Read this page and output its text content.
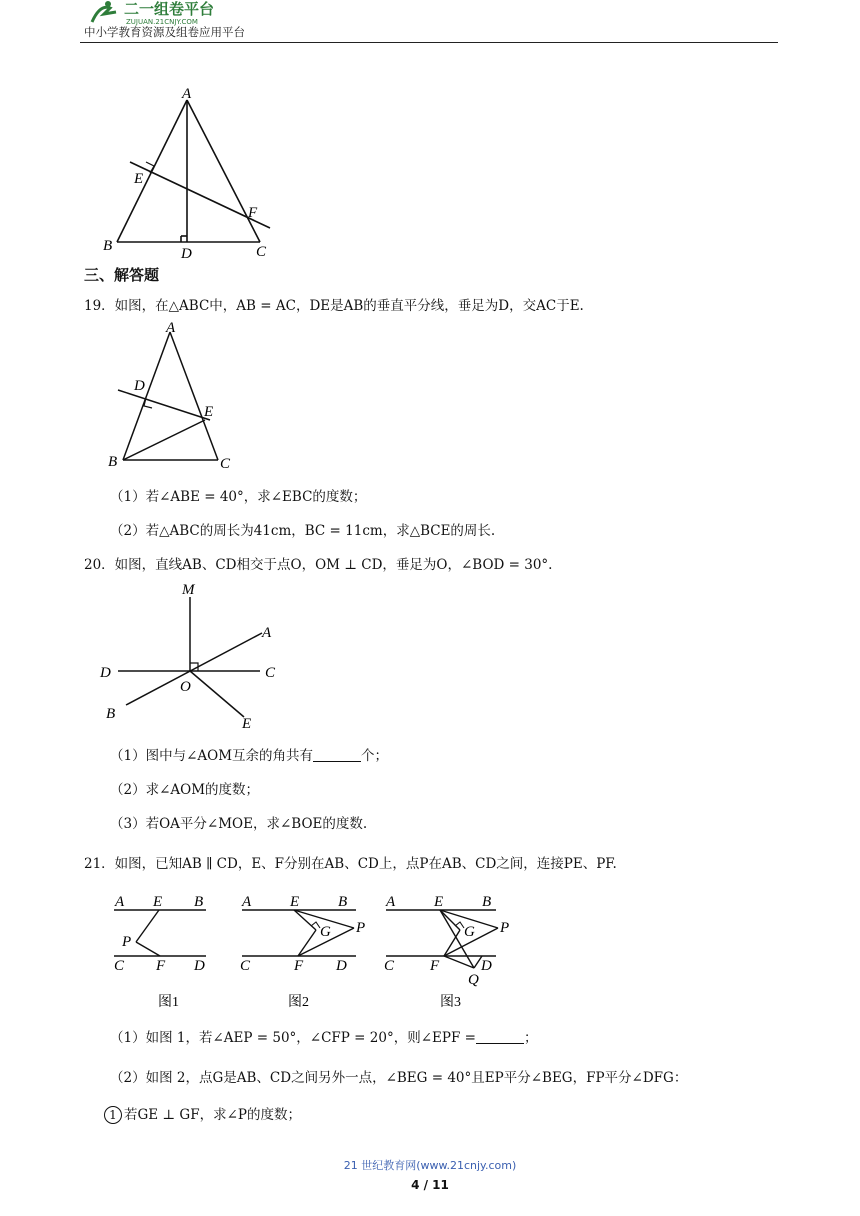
二一组卷平台
ZUJUAN.21CNJY.COM
中小学教育资源及组卷应用平台
A
E
F
B	D	C
三、解答题
19．如图，在△ABC中，AB = AC，DE是AB的垂直平分线，垂足为D，交AC于E.
A
D
E
B	C
（1）若∠ABE = 40°，求∠EBC的度数；
（2）若△ABC的周长为41cm，BC = 11cm，求△BCE的周长.
20．如图，直线AB、CD相交于点O，OM ⊥ CD，垂足为O，∠BOD = 30°.
M
A
D	C
O
B
E
（1）图中与∠AOM互余的角共有	个；
（2）求∠AOM的度数；
（3）若OA平分∠MOE，求∠BOE的度数.
21．如图，已知AB ∥ CD，E、F分别在AB、CD上，点P在AB、CD之间，连接PE、PF.
A E B
P
C F D
图1
A	E	B
G P
C	F D
图2
A	E	B
G P
C F	D
Q
图3
（1）如图 1，若∠AEP = 50°，∠CFP = 20°，则∠EPF =	；
（2）如图 2，点G是AB、CD之间另外一点，∠BEG = 40°且EP平分∠BEG，FP平分∠DFG：
1 若GE ⊥ GF，求∠P的度数；
21 世纪教育网(www.21cnjy.com)
4 / 11
